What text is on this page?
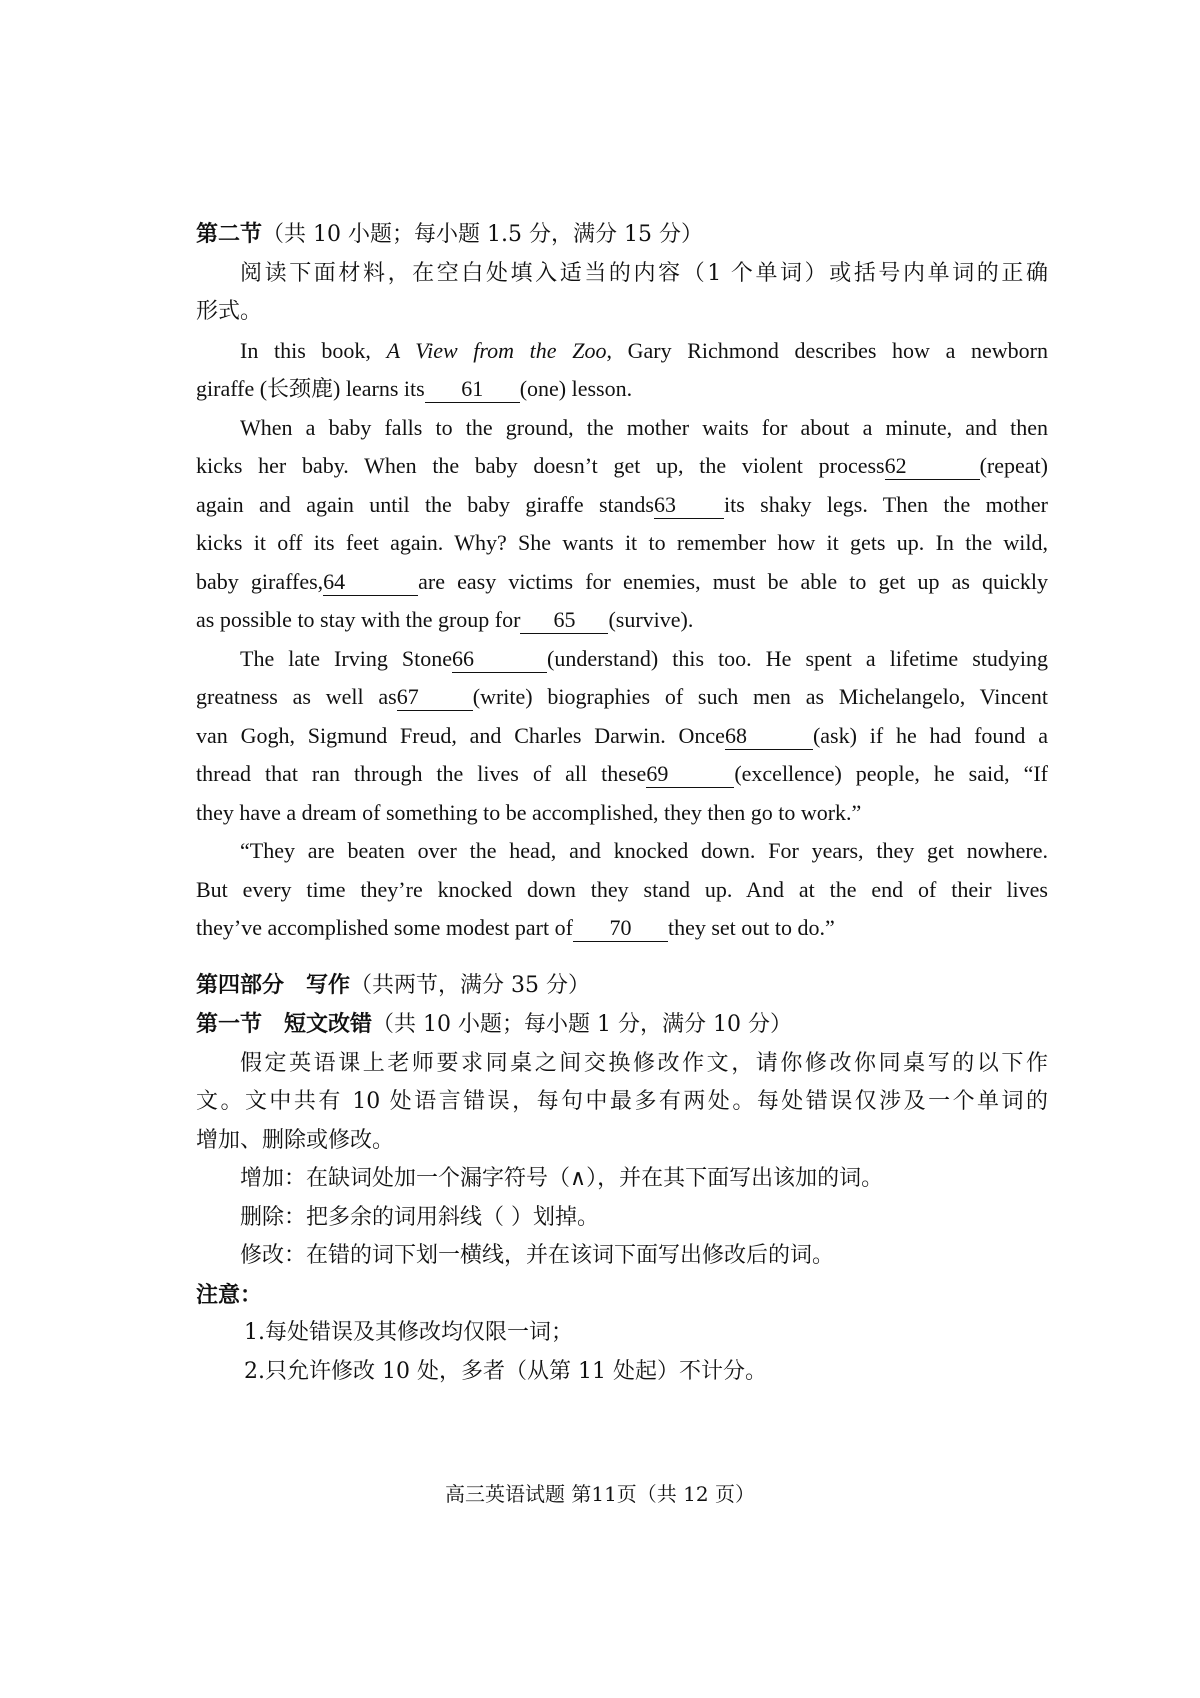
第二节（共 10 小题；每小题 1.5 分，满分 15 分）
阅读下面材料，在空白处填入适当的内容（1 个单词）或括号内单词的正确
形式。
In this book, A View from the Zoo, Gary Richmond describes how a newborn
giraffe (长颈鹿) learns its 61 (one) lesson.
When a baby falls to the ground, the mother waits for about a minute, and then
kicks her baby. When the baby doesn’t get up, the violent process62	(repeat)
again and again until the baby giraffe stands63 its shaky legs. Then the mother
kicks it off its feet again. Why? She wants it to remember how it gets up. In the wild,
baby giraffes,64	are easy victims for enemies, must be able to get up as quickly
as possible to stay with the group for 65 (survive).
The late Irving Stone66	(understand) this too. He spent a lifetime studying
greatness as well as67 (write) biographies of such men as Michelangelo, Vincent
van Gogh, Sigmund Freud, and Charles Darwin. Once68	(ask) if he had found a
thread that ran through the lives of all these69	(excellence) people, he said, “If
they have a dream of something to be accomplished, they then go to work.”
“They are beaten over the head, and knocked down. For years, they get nowhere.
But every time they’re knocked down they stand up. And at the end of their lives
they’ve accomplished some modest part of 70 they set out to do.”
第四部分　写作（共两节，满分 35 分）
第一节　短文改错（共 10 小题；每小题 1 分，满分 10 分）
假定英语课上老师要求同桌之间交换修改作文，请你修改你同桌写的以下作
文。文中共有 10 处语言错误，每句中最多有两处。每处错误仅涉及一个单词的
增加、删除或修改。
增加：在缺词处加一个漏字符号（∧），并在其下面写出该加的词。
删除：把多余的词用斜线（ ）划掉。
修改：在错的词下划一横线，并在该词下面写出修改后的词。
注意：
1.每处错误及其修改均仅限一词；
2.只允许修改 10 处，多者（从第 11 处起）不计分。
高三英语试题 第11页（共 12 页）
